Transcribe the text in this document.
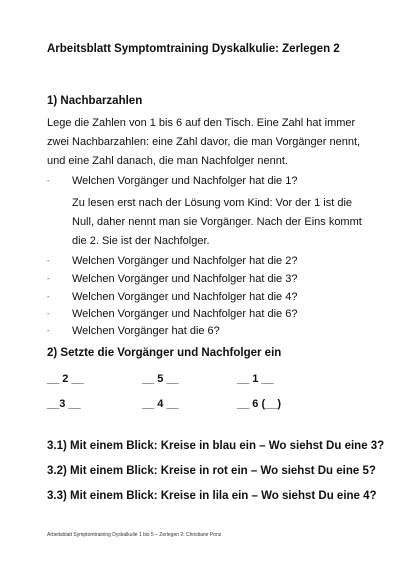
Arbeitsblatt Symptomtraining Dyskalkulie: Zerlegen 2
1) Nachbarzahlen
Lege die Zahlen von 1 bis 6 auf den Tisch. Eine Zahl hat immer zwei Nachbarzahlen: eine Zahl davor, die man Vorgänger nennt, und eine Zahl danach, die man Nachfolger nennt.
- Welchen Vorgänger und Nachfolger hat die 1?
Zu lesen erst nach der Lösung vom Kind: Vor der 1 ist die Null, daher nennt man sie Vorgänger. Nach der Eins kommt die 2. Sie ist der Nachfolger.
- Welchen Vorgänger und Nachfolger hat die 2?
- Welchen Vorgänger und Nachfolger hat die 3?
- Welchen Vorgänger und Nachfolger hat die 4?
- Welchen Vorgänger und Nachfolger hat die 6?
- Welchen Vorgänger hat die 6?
2) Setzte die Vorgänger und Nachfolger ein
__ 2 __	__ 5 __	__ 1 __
__3 __	__ 4 __	__ 6 (__)
3.1) Mit einem Blick: Kreise in blau ein – Wo siehst Du eine 3?
3.2) Mit einem Blick: Kreise in rot ein – Wo siehst Du eine 5?
3.3) Mit einem Blick: Kreise in lila ein – Wo siehst Du eine 4?
Arbeitsblatt Symptomtraining Dyskalkulie 1 bis 5 – Zerlegen 2: Christiane Ponz
